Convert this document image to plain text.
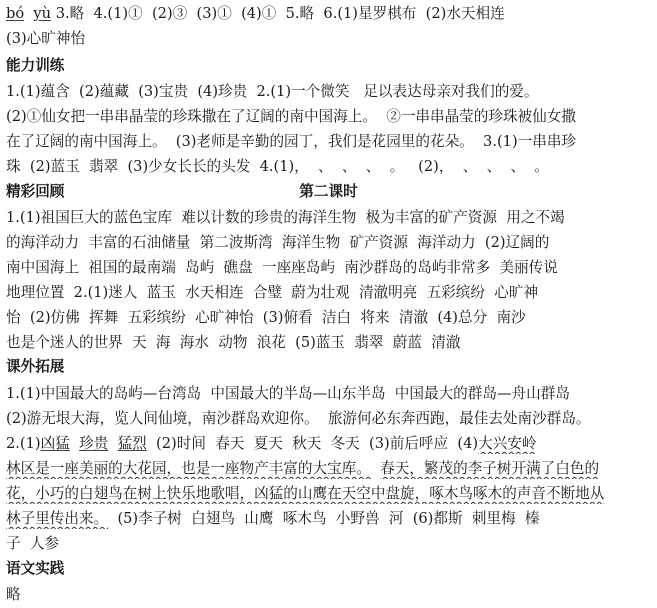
第二课时
精彩回顾
能力训练
课外拓展
语文实践
bó yù 3.略  4.(1)①  (2)③  (3)①  (4)①  5.略  6.(1)星罗棋布  (2)水天相连
(3)心旷神怡
1.(1)蕴含  (2)蕴藏  (3)宝贵  (4)珍贵  2.(1)一个微笑   足以表达母亲对我们的爱。
(2)①仙女把一串串晶莹的珍珠撒在了辽阔的南中国海上。  ②一串串晶莹的珍珠被仙女撒
在了辽阔的南中国海上。  (3)老师是辛勤的园丁，我们是花园里的花朵。  3.(1)一串串珍
珠  (2)蓝玉  翡翠  (3)少女长长的头发  4.(1)，  、  、  、  。   (2)，  、  、  、  。
1.(1)祖国巨大的蓝色宝库  难以计数的珍贵的海洋生物  极为丰富的矿产资源  用之不竭
的海洋动力  丰富的石油储量  第二波斯湾  海洋生物  矿产资源  海洋动力  (2)辽阔的
南中国海上  祖国的最南端  岛屿  礁盘  一座座岛屿  南沙群岛的岛屿非常多  美丽传说
地理位置  2.(1)迷人  蓝玉  水天相连  合璧  蔚为壮观  清澈明亮  五彩缤纷  心旷神
怡  (2)仿佛  挥舞  五彩缤纷  心旷神怡  (3)俯看  洁白  将来  清澈  (4)总分  南沙
也是个迷人的世界  天  海  海水  动物  浪花  (5)蓝玉  翡翠  蔚蓝  清澈
1.(1)中国最大的岛屿—台湾岛  中国最大的半岛—山东半岛  中国最大的群岛—舟山群岛
(2)游无垠大海，览人间仙境，南沙群岛欢迎你。  旅游何必东奔西跑，最佳去处南沙群岛。
2.(1)凶猛 珍贵 猛烈  (2)时间  春天  夏天  秋天  冬天  (3)前后呼应  (4)大兴安岭
林区是一座美丽的大花园，也是一座物产丰富的大宝库。 春天，繁茂的李子树开满了白色的
花，小巧的白翅鸟在树上快乐地歌唱，凶猛的山鹰在天空中盘旋，啄木鸟啄木的声音不断地从
林子里传出来。  (5)李子树  白翅鸟  山鹰  啄木鸟  小野兽  河  (6)都斯  刺里梅  榛
子  人参
略
